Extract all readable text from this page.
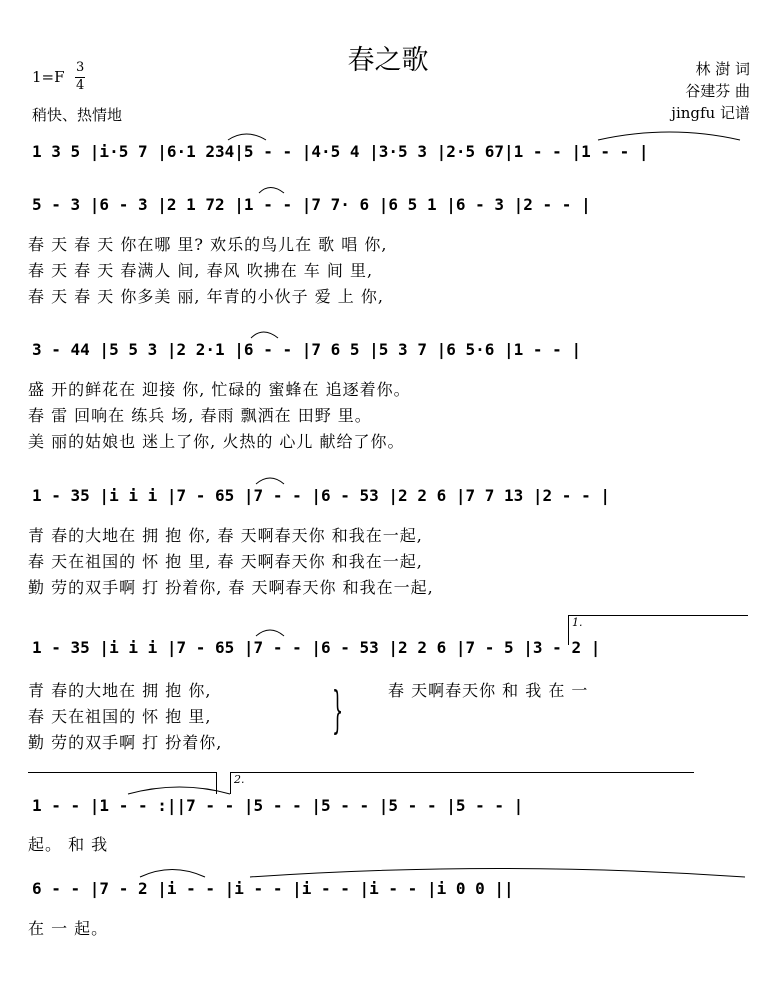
春之歌
1=F
3
4
稍快、热情地
林 澍 词
谷建芬 曲
jingfu 记谱
1 3 5 |i·5 7 |6·1 234|5 - - |4·5 4 |3·5 3 |2·5 67|1 - - |1 - - |
5 - 3 |6 - 3 |2 1 72 |1 - - |7 7· 6 |6 5 1 |6 - 3 |2 - - |
春 天 春 天 你在哪 里? 欢乐的鸟儿在 歌 唱 你,
春 天 春 天 春满人 间, 春风 吹拂在 车 间 里,
春 天 春 天 你多美 丽, 年青的小伙子 爱 上 你,
3 - 44 |5 5 3 |2 2·1 |6 - - |7 6 5 |5 3 7 |6 5·6 |1 - - |
盛 开的鲜花在 迎接 你, 忙碌的 蜜蜂在 追逐着你。
春 雷 回响在 练兵 场, 春雨 飘洒在 田野 里。
美 丽的姑娘也 迷上了你, 火热的 心儿 献给了你。
1 - 35 |i i i |7 - 65 |7 - - |6 - 53 |2 2 6 |7 7 13 |2 - - |
青 春的大地在 拥 抱 你, 春 天啊春天你 和我在一起,
春 天在祖国的 怀 抱 里, 春 天啊春天你 和我在一起,
勤 劳的双手啊 打 扮着你, 春 天啊春天你 和我在一起,
1.
1 - 35 |i i i |7 - 65 |7 - - |6 - 53 |2 2 6 |7 - 5 |3 - 2 |
青 春的大地在 拥 抱 你,
春 天在祖国的 怀 抱 里,
勤 劳的双手啊 打 扮着你,
}	春 天啊春天你 和 我 在 一
2.
1 - - |1 - - :||7 - - |5 - - |5 - - |5 - - |5 - - |
起。 和 我
6 - - |7 - 2 |i - - |i - - |i - - |i - - |i 0 0 ||
在 一 起。
